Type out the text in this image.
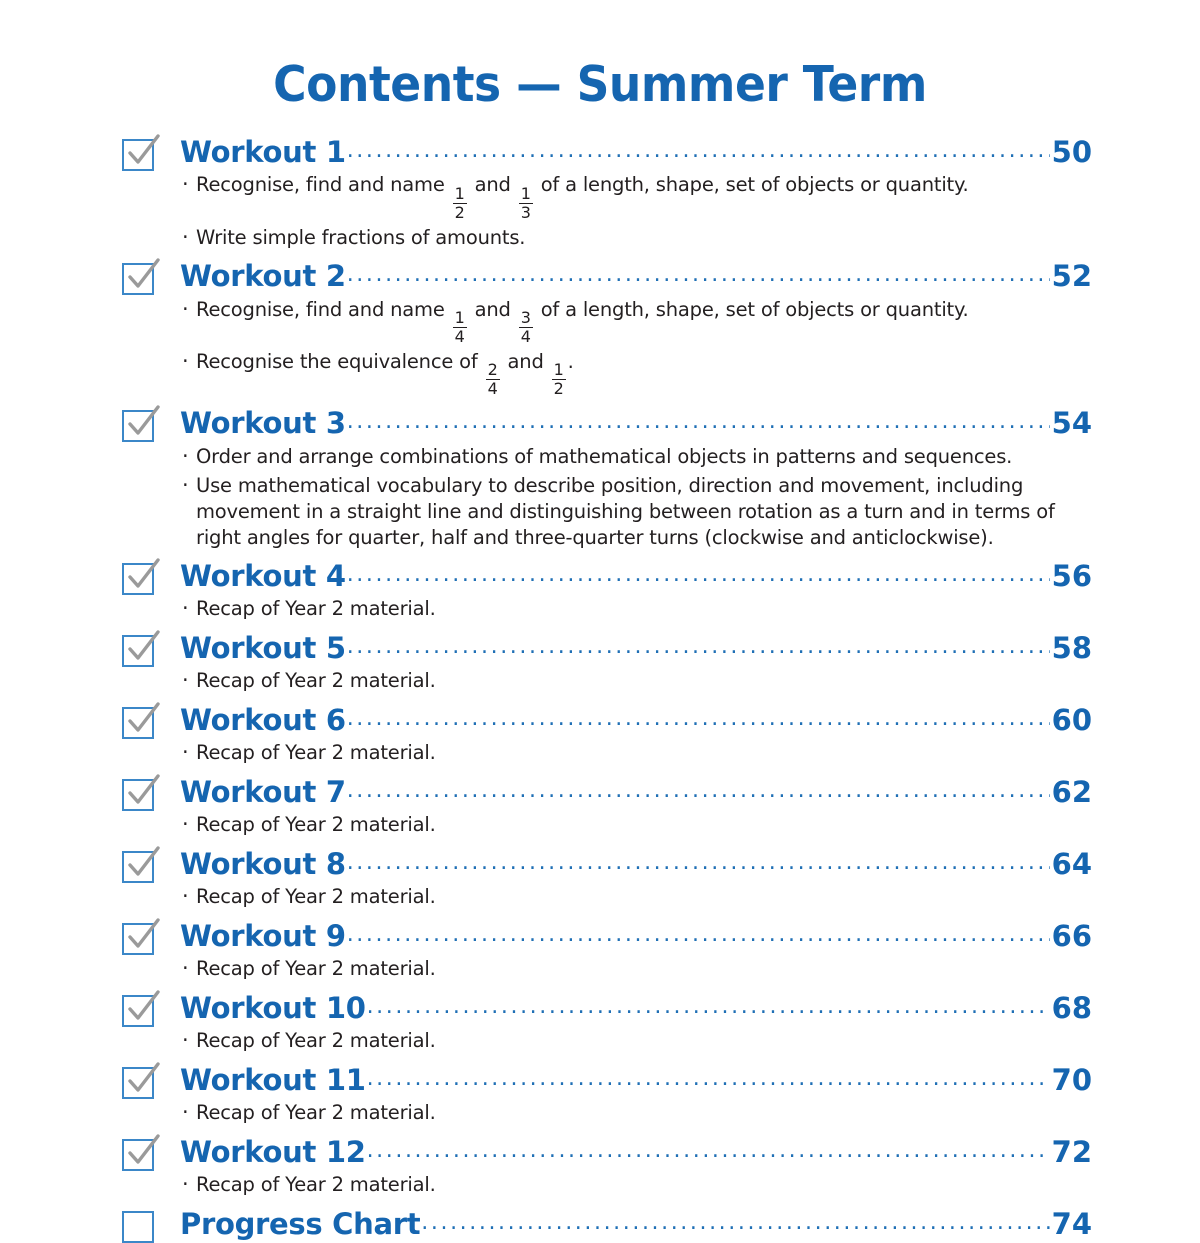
Contents — Summer Term
Workout 1 .....	50
· Recognise, find and name
$\frac{1}{2}$
and
$\frac{1}{3}$
of a length, shape, set of objects or quantity.
· Write simple fractions of amounts.
Workout 2 .....	52
· Recognise, find and name
$\frac{1}{4}$
and
$\frac{3}{4}$
of a length, shape, set of objects or quantity.
· Recognise the equivalence of
$\frac{2}{4}$
and
$\frac{1}{2}$
.
Workout 3 .....	54
· Order and arrange combinations of mathematical objects in patterns and sequences.
· Use mathematical vocabulary to describe position, direction and movement, including movement in a straight line and distinguishing between rotation as a turn and in terms of right angles for quarter, half and three-quarter turns (clockwise and anticlockwise).
Workout 4 .....	56
· Recap of Year 2 material.
Workout 5 .....	58
· Recap of Year 2 material.
Workout 6 .....	60
· Recap of Year 2 material.
Workout 7 .....	62
· Recap of Year 2 material.
Workout 8 .....	64
· Recap of Year 2 material.
Workout 9 .....	66
· Recap of Year 2 material.
Workout 10 .....	68
· Recap of Year 2 material.
Workout 11 .....	70
· Recap of Year 2 material.
Workout 12 .....	72
· Recap of Year 2 material.
Progress Chart .....	74
